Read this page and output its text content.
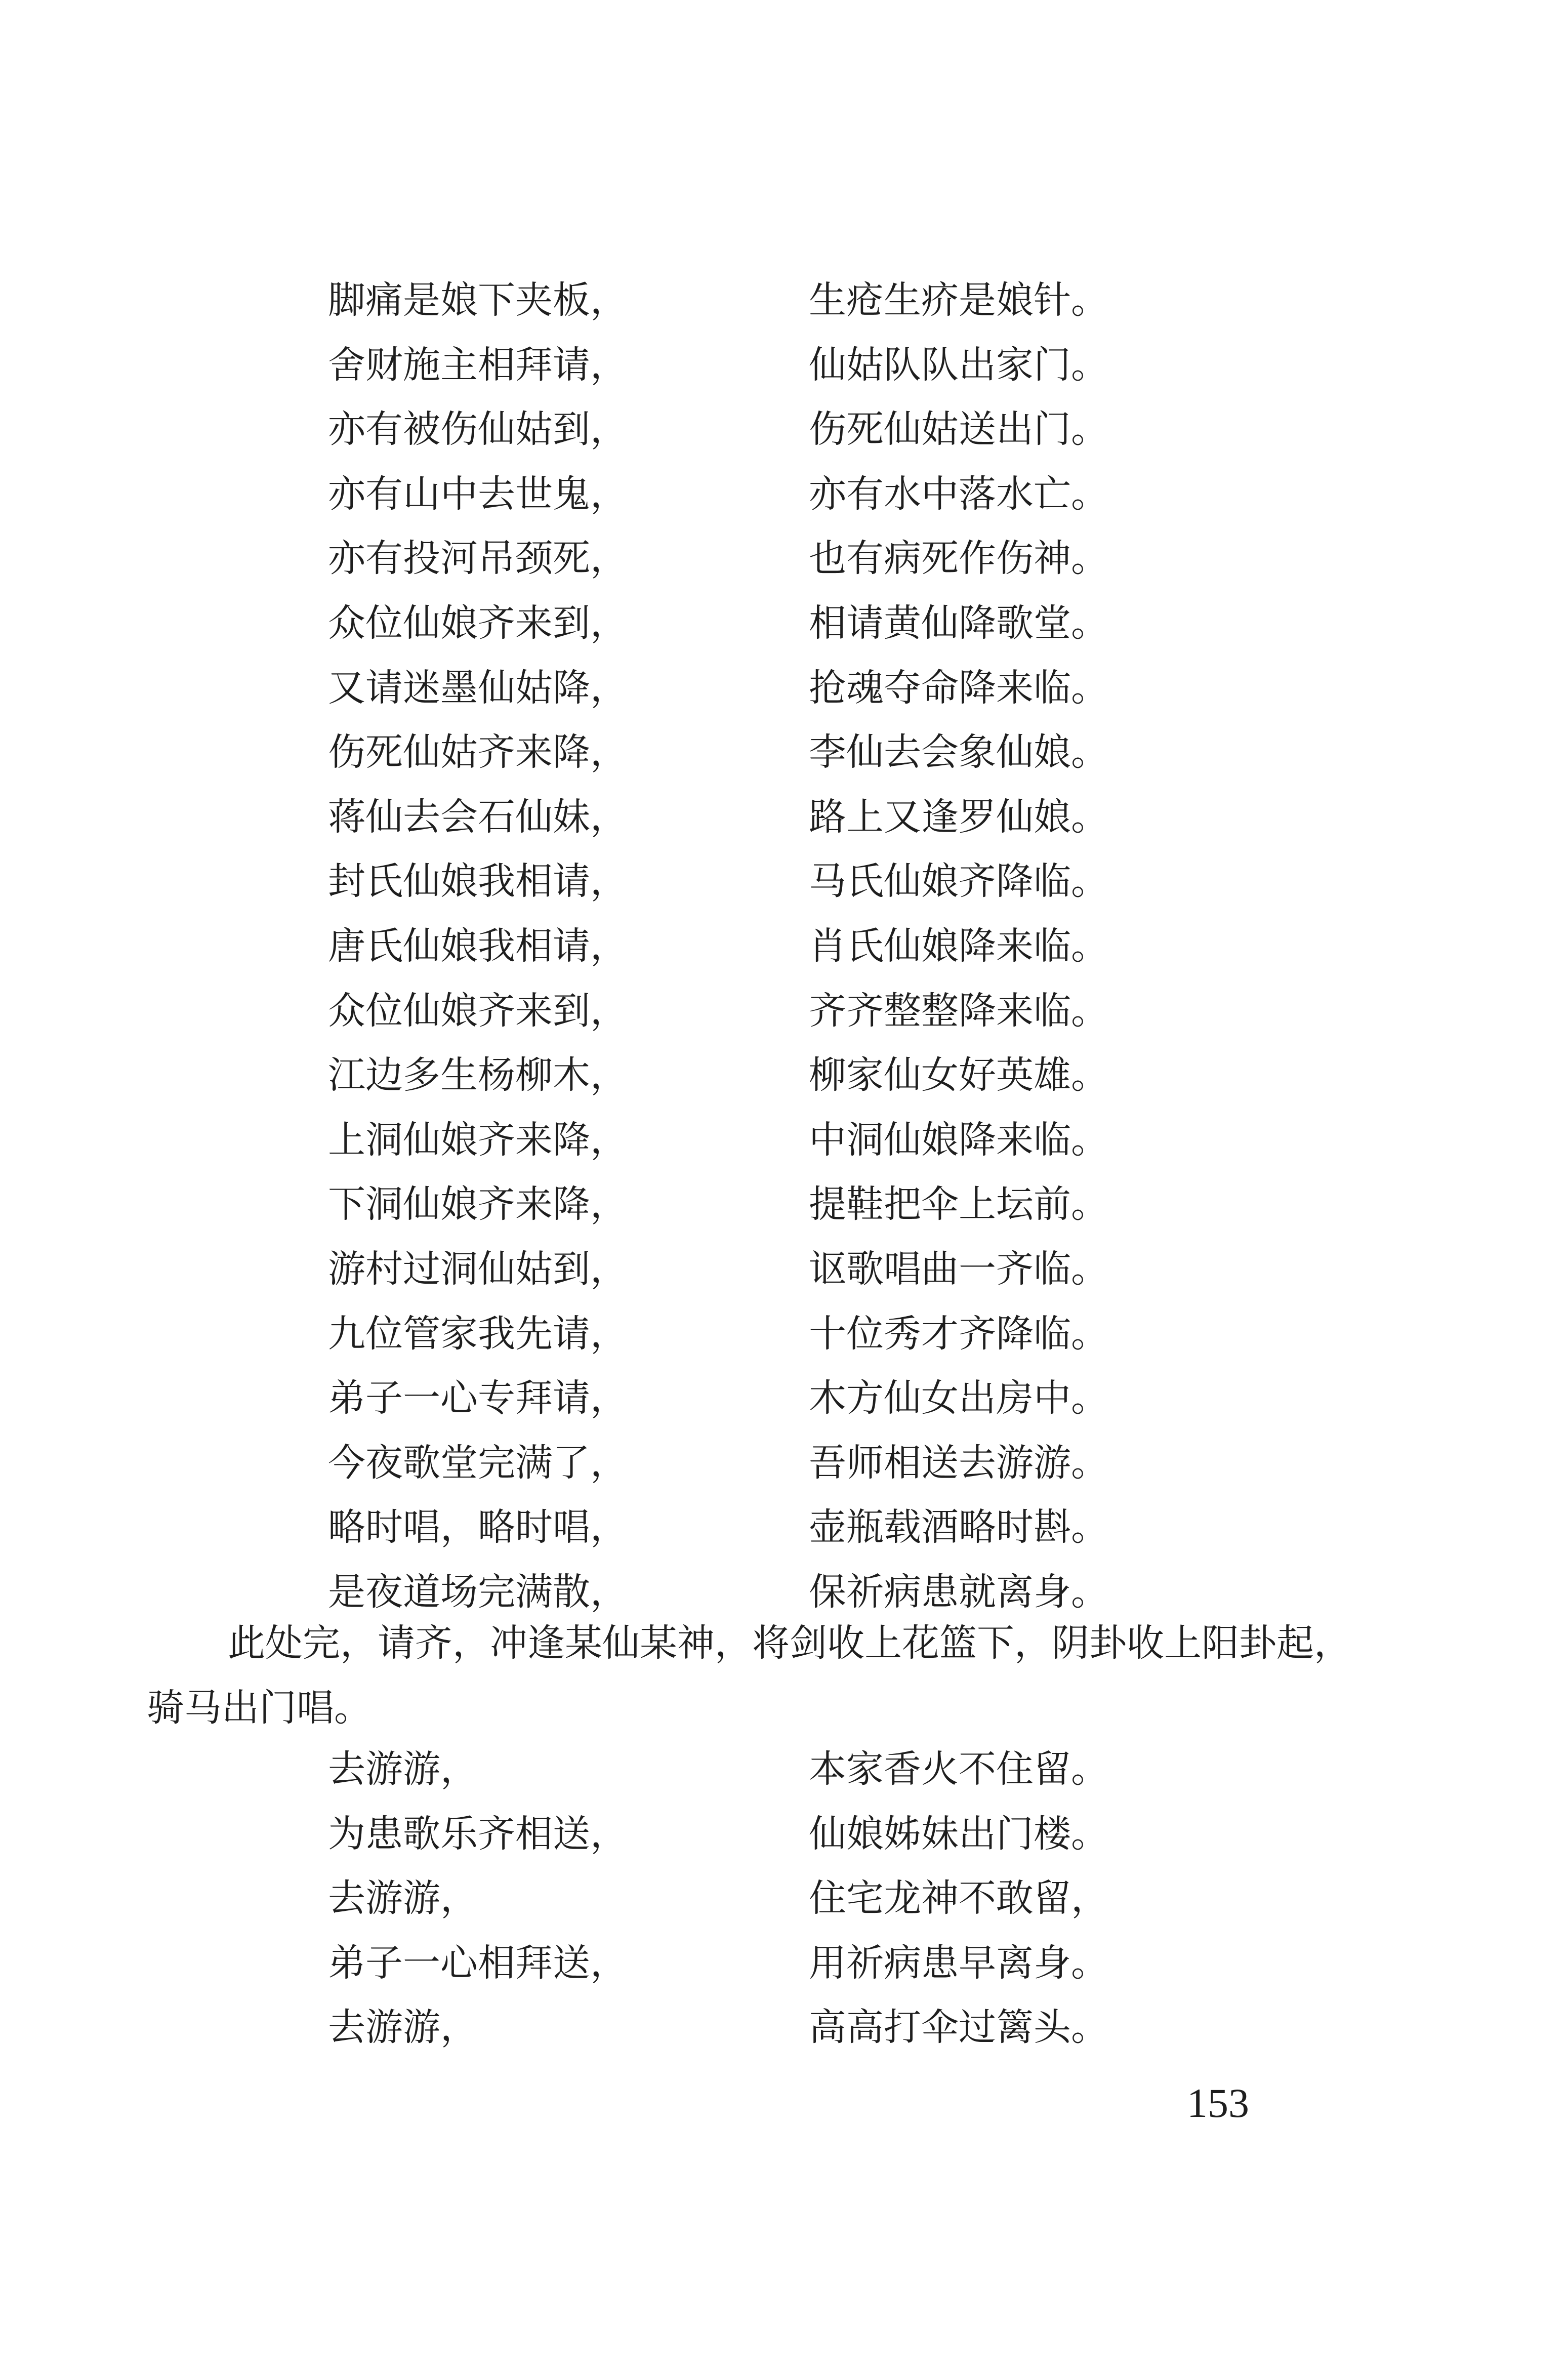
脚痛是娘下夹板，	生疮生疥是娘针。
舍财施主相拜请，	仙姑队队出家门。
亦有被伤仙姑到，	伤死仙姑送出门。
亦有山中去世鬼，	亦有水中落水亡。
亦有投河吊颈死，	也有病死作伤神。
众位仙娘齐来到，	相请黄仙降歌堂。
又请迷墨仙姑降，	抢魂夺命降来临。
伤死仙姑齐来降，	李仙去会象仙娘。
蒋仙去会石仙妹，	路上又逢罗仙娘。
封氏仙娘我相请，	马氏仙娘齐降临。
唐氏仙娘我相请，	肖氏仙娘降来临。
众位仙娘齐来到，	齐齐整整降来临。
江边多生杨柳木，	柳家仙女好英雄。
上洞仙娘齐来降，	中洞仙娘降来临。
下洞仙娘齐来降，	提鞋把伞上坛前。
游村过洞仙姑到，	讴歌唱曲一齐临。
九位管家我先请，	十位秀才齐降临。
弟子一心专拜请，	木方仙女出房中。
今夜歌堂完满了，	吾师相送去游游。
略时唱，略时唱，	壶瓶载酒略时斟。
是夜道场完满散，	保祈病患就离身。

此处完，请齐，冲逢某仙某神，将剑收上花篮下，阴卦收上阳卦起，骑马出门唱。

去游游，	本家香火不住留。
为患歌乐齐相送，	仙娘姊妹出门楼。
去游游，	住宅龙神不敢留，
弟子一心相拜送，	用祈病患早离身。
去游游，	高高打伞过篱头。
153
